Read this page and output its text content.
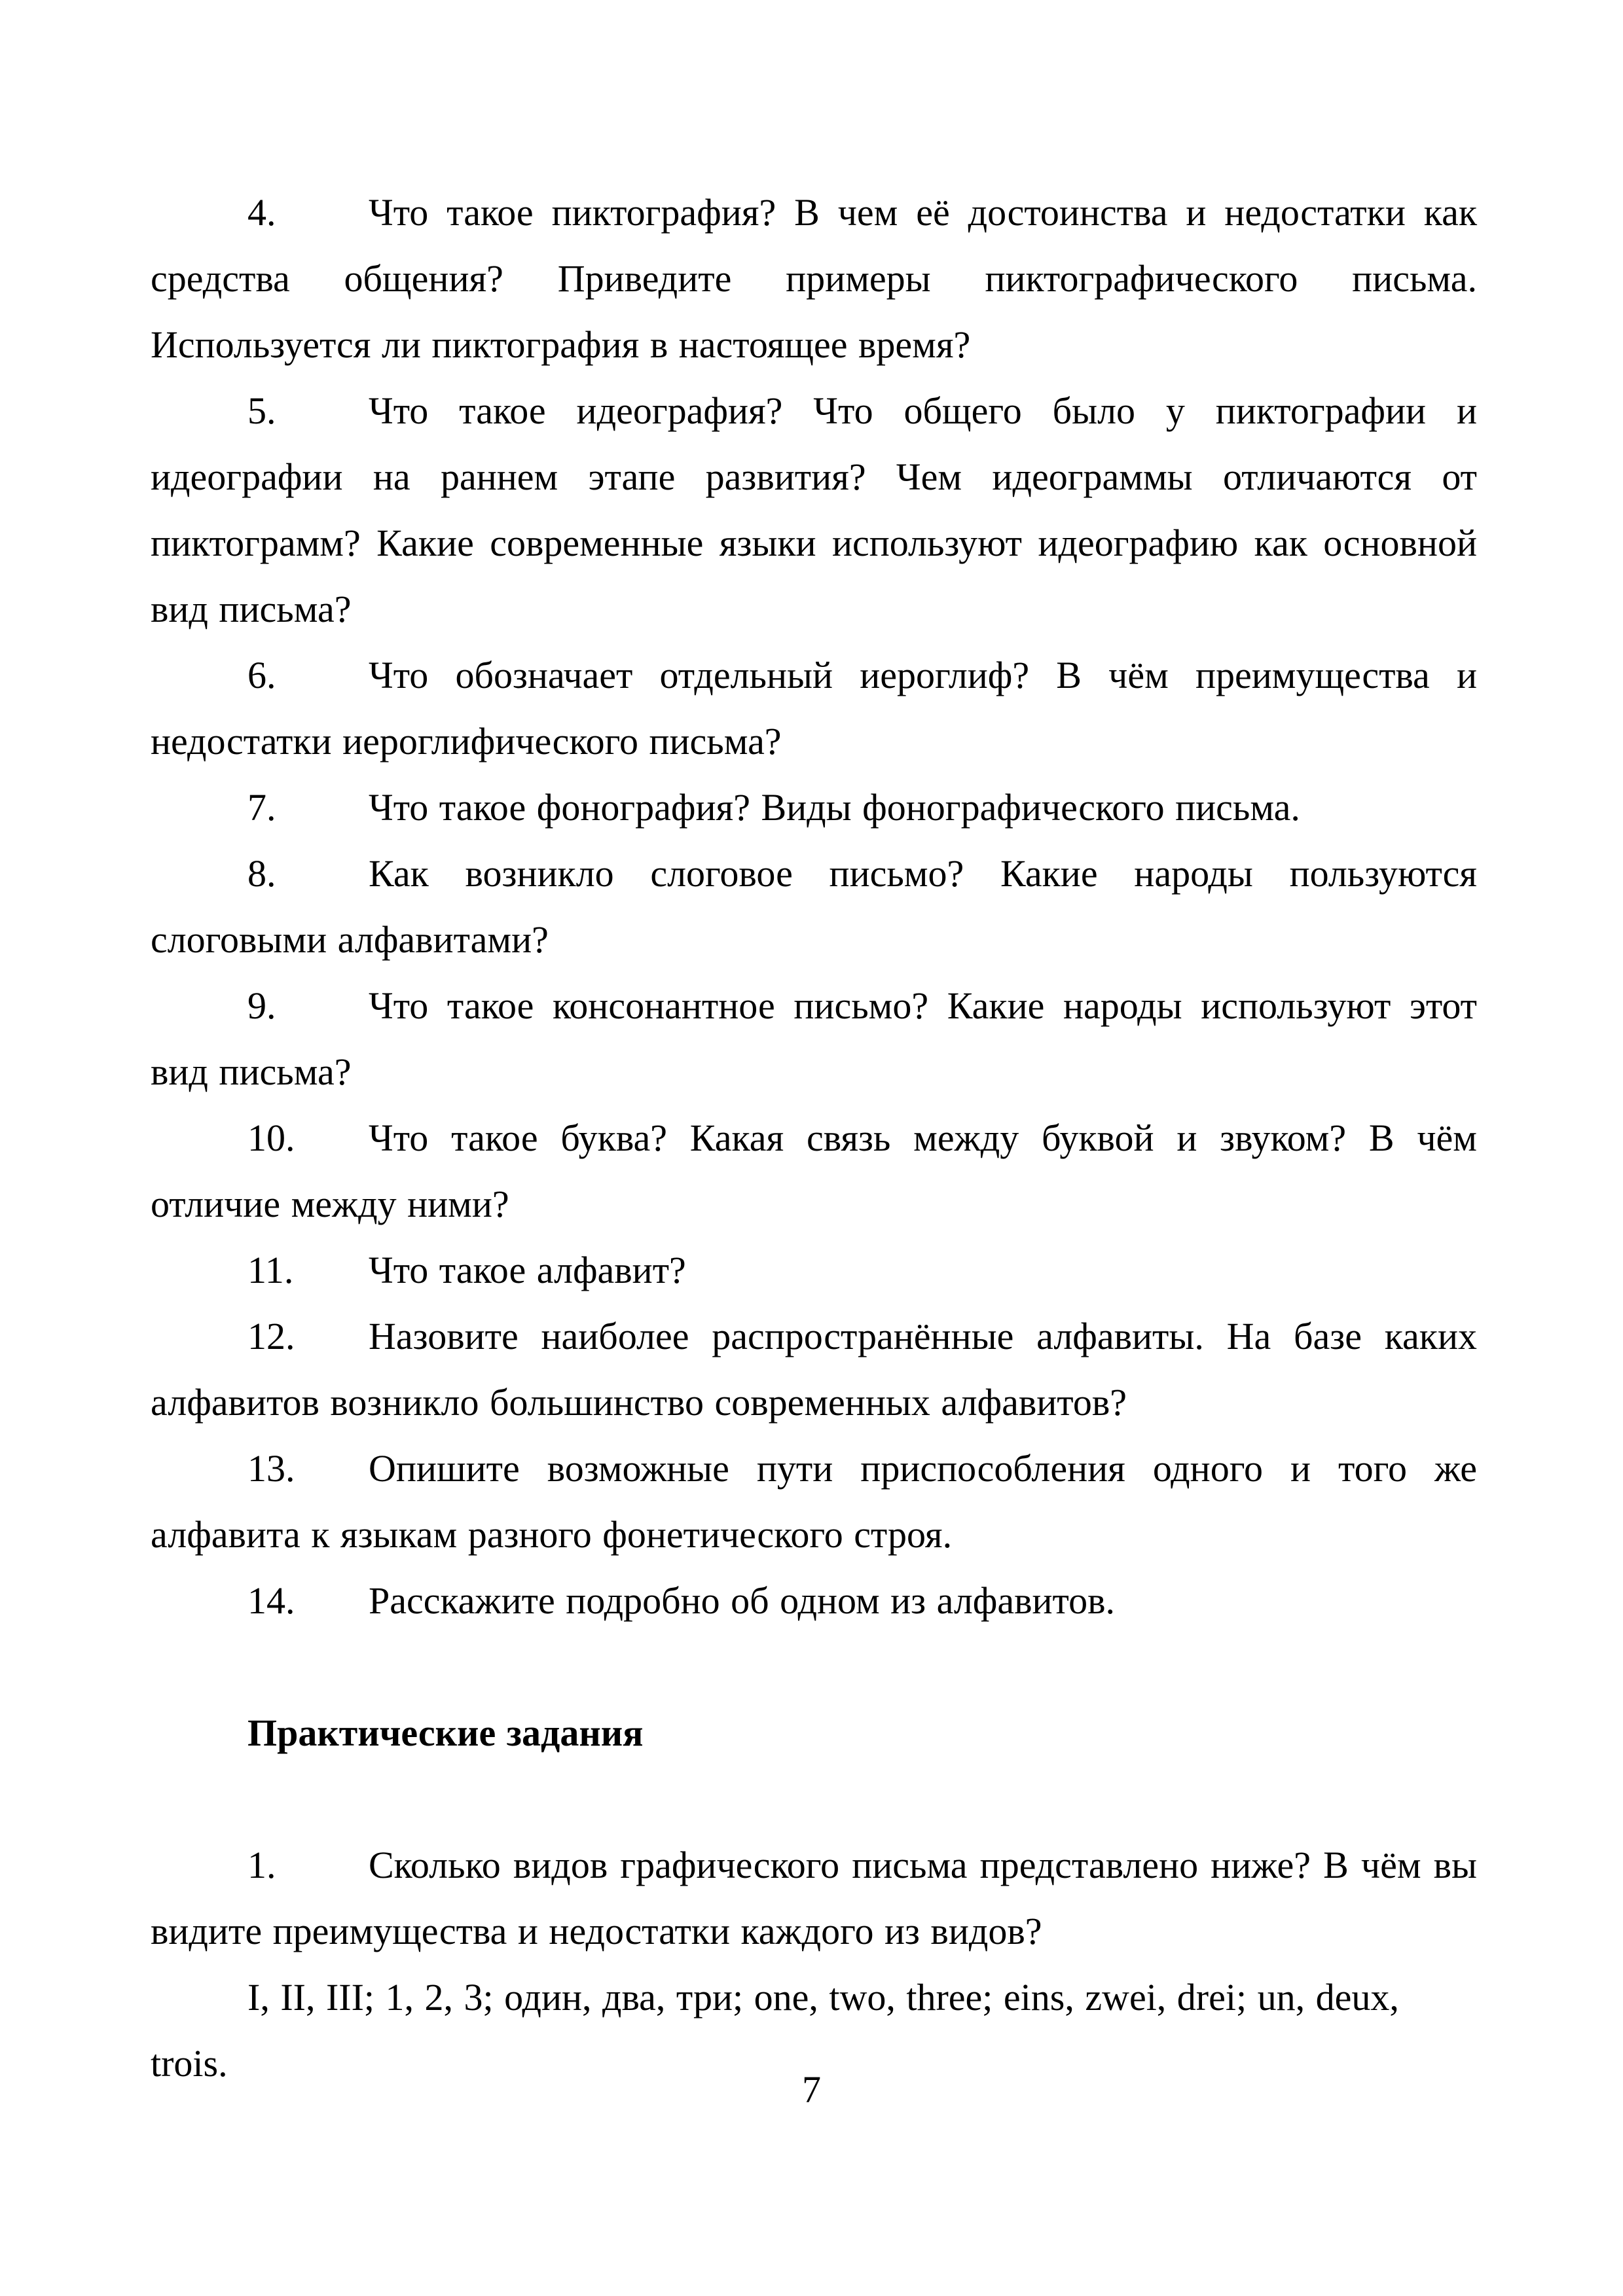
4. Что такое пиктография? В чем её достоинства и недостатки как средства общения? Приведите примеры пиктографического письма. Используется ли пиктография в настоящее время?

5. Что такое идеография? Что общего было у пиктографии и идеографии на раннем этапе развития? Чем идеограммы отличаются от пиктограмм? Какие современные языки используют идеографию как основной вид письма?

6. Что обозначает отдельный иероглиф? В чём преимущества и недостатки иероглифического письма?

7. Что такое фонография? Виды фонографического письма.

8. Как возникло слоговое письмо? Какие народы пользуются слоговыми алфавитами?

9. Что такое консонантное письмо? Какие народы используют этот вид письма?

10. Что такое буква? Какая связь между буквой и звуком? В чём отличие между ними?

11. Что такое алфавит?

12. Назовите наиболее распространённые алфавиты. На базе каких алфавитов возникло большинство современных алфавитов?

13. Опишите возможные пути приспособления одного и того же алфавита к языкам разного фонетического строя.

14. Расскажите подробно об одном из алфавитов.

Практические задания

1. Сколько видов графического письма представлено ниже? В чём вы видите преимущества и недостатки каждого из видов?

I, II, III; 1, 2, 3; один, два, три; one, two, three; eins, zwei, drei; un, deux, trois.

7
